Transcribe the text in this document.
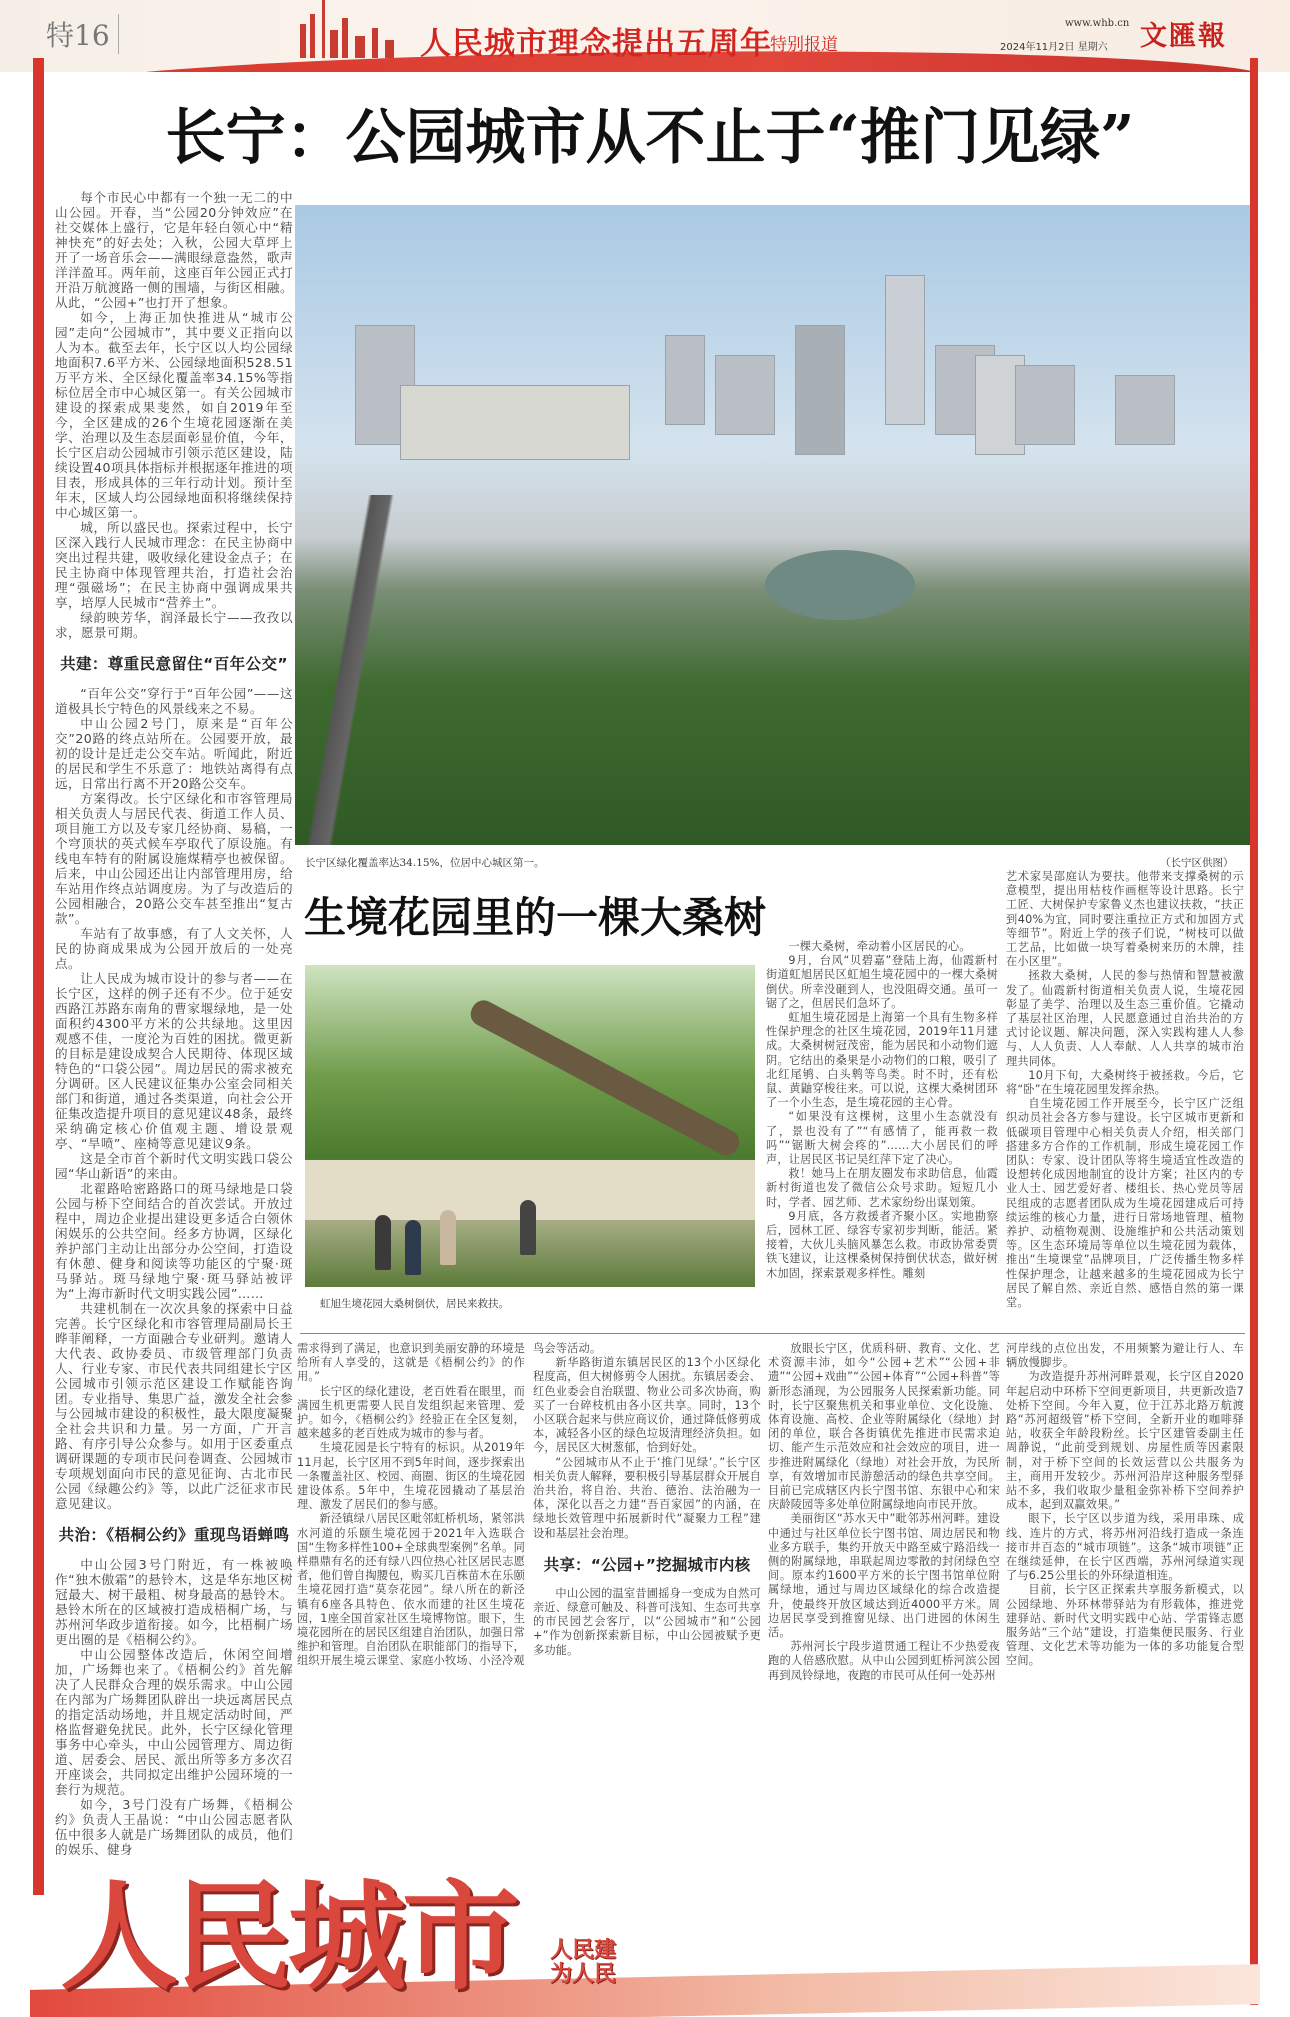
特16	人民城市理念提出五周年
特别报道
www.whb.cn
2024年11月2日 星期六 文匯報
长宁：公园城市从不止于“推门见绿”

每个市民心中都有一个独一无二的中山公园。开春，当“公园20分钟效应”在社交媒体上盛行，它是年轻白领心中“精神快充”的好去处；入秋，公园大草坪上开了一场音乐会——满眼绿意盎然，歌声洋洋盈耳。两年前，这座百年公园正式打开沿万航渡路一侧的围墙，与街区相融。从此，“公园+”也打开了想象。

如今，上海正加快推进从“城市公园”走向“公园城市”，其中要义正指向以人为本。截至去年，长宁区以人均公园绿地面积7.6平方米、公园绿地面积528.51万平方米、全区绿化覆盖率34.15%等指标位居全市中心城区第一。有关公园城市建设的探索成果斐然，如自2019年至今，全区建成的26个生境花园逐渐在美学、治理以及生态层面彰显价值，今年，长宁区启动公园城市引领示范区建设，陆续设置40项具体指标并根据逐年推进的项目表，形成具体的三年行动计划。预计至年末，区域人均公园绿地面积将继续保持中心城区第一。

城，所以盛民也。探索过程中，长宁区深入践行人民城市理念：在民主协商中突出过程共建，吸收绿化建设金点子；在民主协商中体现管理共治，打造社会治理“强磁场”；在民主协商中强调成果共享，培厚人民城市“营养土”。

绿韵映芳华，润泽最长宁——孜孜以求，愿景可期。

共建：尊重民意留住“百年公交”

“百年公交”穿行于“百年公园”——这道极具长宁特色的风景线来之不易。

中山公园2号门，原来是“百年公交”20路的终点站所在。公园要开放，最初的设计是迁走公交车站。听闻此，附近的居民和学生不乐意了：地铁站离得有点远，日常出行离不开20路公交车。

方案得改。长宁区绿化和市容管理局相关负责人与居民代表、街道工作人员、项目施工方以及专家几经协商、易稿，一个穹顶状的英式候车亭取代了原设施。有线电车特有的附属设施煤精亭也被保留。后来，中山公园还出让内部管理用房，给车站用作终点站调度房。为了与改造后的公园相融合，20路公交车甚至推出“复古款”。

车站有了故事感，有了人文关怀，人民的协商成果成为公园开放后的一处亮点。

让人民成为城市设计的参与者——在长宁区，这样的例子还有不少。位于延安西路江苏路东南角的曹家堰绿地，是一处面积约4300平方米的公共绿地。这里因观感不佳，一度沦为百姓的困扰。微更新的目标是建设成契合人民期待、体现区域特色的“口袋公园”。周边居民的需求被充分调研。区人民建议征集办公室会同相关部门和街道，通过各类渠道，向社会公开征集改造提升项目的意见建议48条，最终采纳确定核心价值观主题、增设景观亭、“旱喷”、座椅等意见建议9条。

这是全市首个新时代文明实践口袋公园“华山新语”的来由。

北翟路哈密路路口的斑马绿地是口袋公园与桥下空间结合的首次尝试。开放过程中，周边企业提出建设更多适合白领休闲娱乐的公共空间。经多方协调，区绿化养护部门主动让出部分办公空间，打造设有休憩、健身和阅读等功能区的宁聚·斑马驿站。斑马绿地宁聚·斑马驿站被评为“上海市新时代文明实践公园”……

共建机制在一次次具象的探索中日益完善。长宁区绿化和市容管理局副局长王晔菲阐释，一方面融合专业研判。邀请人大代表、政协委员、市级管理部门负责人、行业专家、市民代表共同组建长宁区公园城市引领示范区建设工作赋能咨询团。专业指导、集思广益，激发全社会参与公园城市建设的积极性，最大限度凝聚全社会共识和力量。另一方面，广开言路、有序引导公众参与。如用于区委重点调研课题的专项市民问卷调查、公园城市专项规划面向市民的意见征询、古北市民公园《绿趣公约》等，以此广泛征求市民意见建议。

共治：《梧桐公约》重现鸟语蝉鸣

中山公园3号门附近，有一株被唤作“独木傲霜”的悬铃木，这是华东地区树冠最大、树干最粗、树身最高的悬铃木。悬铃木所在的区域被打造成梧桐广场，与苏州河华政步道衔接。如今，比梧桐广场更出圈的是《梧桐公约》。

中山公园整体改造后，休闲空间增加，广场舞也来了。《梧桐公约》首先解决了人民群众合理的娱乐需求。中山公园在内部为广场舞团队辟出一块远离居民点的指定活动场地，并且规定活动时间，严格监督避免扰民。此外，长宁区绿化管理事务中心牵头，中山公园管理方、周边街道、居委会、居民、派出所等多方多次召开座谈会，共同拟定出维护公园环境的一套行为规范。

如今，3号门没有广场舞，《梧桐公约》负责人王晶说：“中山公园志愿者队伍中很多人就是广场舞团队的成员，他们的娱乐、健身

长宁区绿化覆盖率达34.15%，位居中心城区第一。	（长宁区供图）
生境花园里的一棵大桑树
虹旭生境花园大桑树倒伏，居民来救扶。

一棵大桑树，牵动着小区居民的心。

9月，台风“贝碧嘉”登陆上海，仙霞新村街道虹旭居民区虹旭生境花园中的一棵大桑树倒伏。所幸没砸到人，也没阻碍交通。虽可一锯了之，但居民们急坏了。

虹旭生境花园是上海第一个具有生物多样性保护理念的社区生境花园，2019年11月建成。大桑树树冠茂密，能为居民和小动物们遮阴。它结出的桑果是小动物们的口粮，吸引了北红尾鸲、白头鹎等鸟类。时不时，还有松鼠、黄鼬穿梭往来。可以说，这棵大桑树团环了一个小生态，是生境花园的主心骨。

“如果没有这棵树，这里小生态就没有了，景也没有了”“有感情了，能再救一救吗”“锯断大树会疼的”……大小居民们的呼声，让居民区书记吴红萍下定了决心。

救！她马上在朋友圈发布求助信息，仙霞新村街道也发了微信公众号求助。短短几小时，学者、园艺师、艺术家纷纷出谋划策。

9月底，各方救援者齐聚小区。实地勘察后，园林工匠、绿容专家初步判断，能活。紧接着，大伙儿头脑风暴怎么救。市政协常委贾铁飞建议，让这棵桑树保持倒伏状态，做好树木加固，探索景观多样性。雕刻

艺术家吴邵庭认为要扶。他带来支撑桑树的示意模型，提出用枯枝作画框等设计思路。长宁工匠、大树保护专家鲁义杰也建议扶救，“扶正到40%为宜，同时要注重拉正方式和加固方式等细节”。附近上学的孩子们说，“树枝可以做工艺品，比如做一块写着桑树来历的木牌，挂在小区里”。

拯救大桑树，人民的参与热情和智慧被激发了。仙霞新村街道相关负责人说，生境花园彰显了美学、治理以及生态三重价值。它撬动了基层社区治理，人民愿意通过自治共治的方式讨论议题、解决问题，深入实践构建人人参与、人人负责、人人奉献、人人共享的城市治理共同体。

10月下旬，大桑树终于被拯救。今后，它将“卧”在生境花园里发挥余热。

自生境花园工作开展至今，长宁区广泛组织动员社会各方参与建设。长宁区城市更新和低碳项目管理中心相关负责人介绍，相关部门搭建多方合作的工作机制，形成生境花园工作团队：专家、设计团队等将生境适宜性改造的设想转化成因地制宜的设计方案；社区内的专业人士、园艺爱好者、楼组长、热心党员等居民组成的志愿者团队成为生境花园建成后可持续运维的核心力量，进行日常场地管理、植物养护、动植物观测、设施维护和公共活动策划等。区生态环境局等单位以生境花园为载体，推出“生境课堂”品牌项目，广泛传播生物多样性保护理念，让越来越多的生境花园成为长宁居民了解自然、亲近自然、感悟自然的第一课堂。

需求得到了满足，也意识到美丽安静的环境是给所有人享受的，这就是《梧桐公约》的作用。”

长宁区的绿化建设，老百姓看在眼里，而满园生机更需要人民自发组织起来管理、爱护。如今，《梧桐公约》经验正在全区复刻，越来越多的老百姓成为城市的参与者。

生境花园是长宁特有的标识。从2019年11月起，长宁区用不到5年时间，逐步探索出一条覆盖社区、校园、商圈、街区的生境花园建设体系。5年中，生境花园撬动了基层治理、激发了居民们的参与感。

新泾镇绿八居民区毗邻虹桥机场，紧邻洪水河道的乐颐生境花园于2021年入选联合国“生物多样性100+全球典型案例”名单。同样鼎鼎有名的还有绿八四位热心社区居民志愿者，他们曾自掏腰包，购买几百株苗木在乐颐生境花园打造“莫奈花园”。绿八所在的新泾镇有6座各具特色、依水而建的社区生境花园，1座全国首家社区生境博物馆。眼下，生境花园所在的居民区组建自治团队，加强日常维护和管理。自治团队在职能部门的指导下，组织开展生境云课堂、家庭小牧场、小泾冷观

鸟会等活动。

新华路街道东镇居民区的13个小区绿化程度高，但大树修剪令人困扰。东镇居委会、红色业委会自治联盟、物业公司多次协商，购买了一台碎枝机由各小区共享。同时，13个小区联合起来与供应商议价，通过降低修剪成本，减轻各小区的绿色垃圾清理经济负担。如今，居民区大树葱郁，恰到好处。

“公园城市从不止于‘推门见绿’。”长宁区相关负责人解释，要积极引导基层群众开展自治共治，将自治、共治、德治、法治融为一体，深化以吾之力建“吾百家园”的内涵，在绿地长效管理中拓展新时代“凝聚力工程”建设和基层社会治理。

共享：“公园+”挖掘城市内核

中山公园的温室昔圃摇身一变成为自然可亲近、绿意可触及、科普可浅知、生态可共享的市民园艺会客厅，以“公园城市”和“公园+”作为创新探索新目标，中山公园被赋予更多功能。

放眼长宁区，优质科研、教育、文化、艺术资源丰沛，如今“公园+艺术”“公园+非遗”“公园+戏曲”“公园+体育”“公园+科普”等新形态涌现，为公园服务人民探索新功能。同时，长宁区聚焦机关和事业单位、文化设施、体育设施、高校、企业等附属绿化（绿地）封闭的单位，联合各街镇优先推进市民需求迫切、能产生示范效应和社会效应的项目，进一步推进附属绿化（绿地）对社会开放，为民所享，有效增加市民游憩活动的绿色共享空间。目前已完成辖区内长宁图书馆、东银中心和宋庆龄陵园等多处单位附属绿地向市民开放。

美丽街区“苏水天中”毗邻苏州河畔。建设中通过与社区单位长宁图书馆、周边居民和物业多方联手，集约开放天中路至威宁路沿线一侧的附属绿地，串联起周边零散的封闭绿色空间。原本约1600平方米的长宁图书馆单位附属绿地，通过与周边区域绿化的综合改造提升，使最终开放区域达到近4000平方米。周边居民享受到推窗见绿、出门进园的休闲生活。

苏州河长宁段步道贯通工程让不少热爱夜跑的人倍感欣慰。从中山公园到虹桥河滨公园再到凤铃绿地，夜跑的市民可从任何一处苏州

河岸线的点位出发，不用频繁为避让行人、车辆放慢脚步。

为改造提升苏州河畔景观，长宁区自2020年起启动中环桥下空间更新项目，共更新改造7处桥下空间。今年入夏，位于江苏北路万航渡路“苏河超级管”桥下空间，全新开业的咖啡驿站，收获全年龄段粉丝。长宁区建管委副主任周静说，“此前受到规划、房屋性质等因素限制，对于桥下空间的长效运营以公共服务为主，商用开发较少。苏州河沿岸这种服务型驿站不多，我们收取少量租金弥补桥下空间养护成本，起到双赢效果。”

眼下，长宁区以步道为线，采用串珠、成线、连片的方式，将苏州河沿线打造成一条连接市井百态的“城市项链”。这条“城市项链”正在继续延伸，在长宁区西端，苏州河绿道实现了与6.25公里长的外环绿道相连。

目前，长宁区正探索共享服务新模式，以公园绿地、外环林带驿站为有形载体，推进党建驿站、新时代文明实践中心站、学雷锋志愿服务站“三个站”建设，打造集便民服务、行业管理、文化艺术等功能为一体的多功能复合型空间。

人民城市 人民建
为人民
